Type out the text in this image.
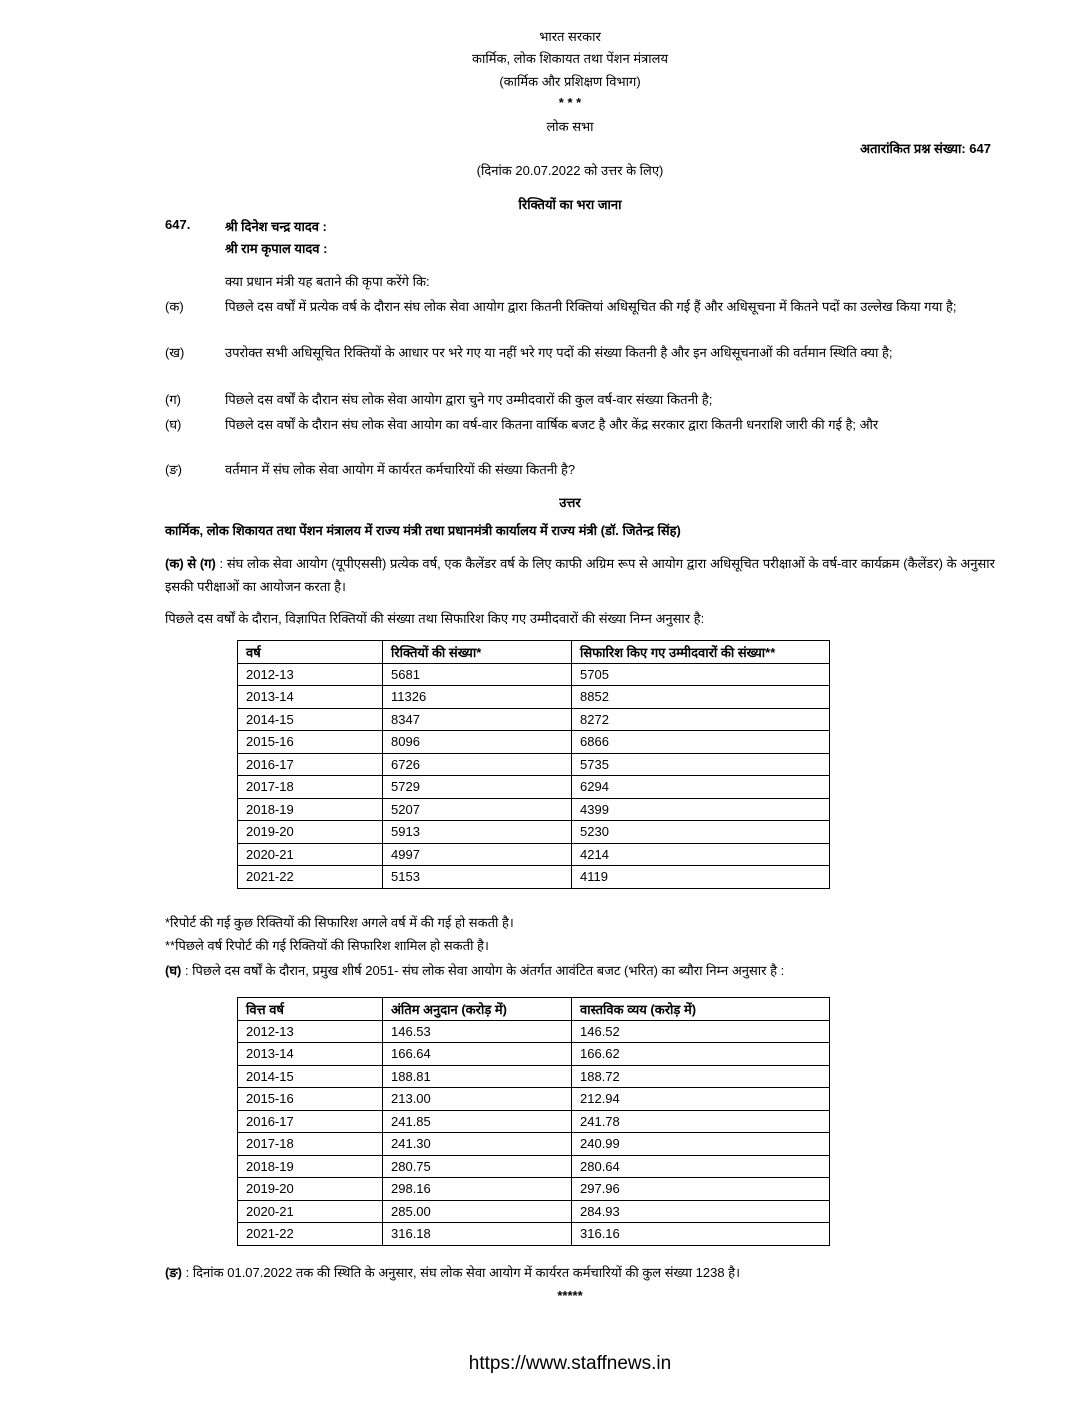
भारत सरकार
कार्मिक, लोक शिकायत तथा पेंशन मंत्रालय
(कार्मिक और प्रशिक्षण विभाग)
* * *
लोक सभा
अतारांकित प्रश्न संख्या: 647
(दिनांक 20.07.2022 को उत्तर के लिए)
रिक्तियों का भरा जाना
647.	श्री दिनेश चन्द्र यादव :
श्री राम कृपाल यादव :
क्या प्रधान मंत्री यह बताने की कृपा करेंगे कि:
(क)	पिछले दस वर्षों में प्रत्येक वर्ष के दौरान संघ लोक सेवा आयोग द्वारा कितनी रिक्तियां अधिसूचित की गई हैं और अधिसूचना में कितने पदों का उल्लेख किया गया है;
(ख)	उपरोक्त सभी अधिसूचित रिक्तियों के आधार पर भरे गए या नहीं भरे गए पदों की संख्या कितनी है और इन अधिसूचनाओं की वर्तमान स्थिति क्या है;
(ग)	पिछले दस वर्षों के दौरान संघ लोक सेवा आयोग द्वारा चुने गए उम्मीदवारों की कुल वर्ष-वार संख्या कितनी है;
(घ)	पिछले दस वर्षों के दौरान संघ लोक सेवा आयोग का वर्ष-वार कितना वार्षिक बजट है और केंद्र सरकार द्वारा कितनी धनराशि जारी की गई है; और
(ङ)	वर्तमान में संघ लोक सेवा आयोग में कार्यरत कर्मचारियों की संख्या कितनी है?
उत्तर
कार्मिक, लोक शिकायत तथा पेंशन मंत्रालय में राज्य मंत्री तथा प्रधानमंत्री कार्यालय में राज्य मंत्री (डॉ. जितेन्द्र सिंह)
(क) से (ग) : संघ लोक सेवा आयोग (यूपीएससी) प्रत्येक वर्ष, एक कैलेंडर वर्ष के लिए काफी अग्रिम रूप से आयोग द्वारा अधिसूचित परीक्षाओं के वर्ष-वार कार्यक्रम (कैलेंडर) के अनुसार इसकी परीक्षाओं का आयोजन करता है।
पिछले दस वर्षों के दौरान, विज्ञापित रिक्तियों की संख्या तथा सिफारिश किए गए उम्मीदवारों की संख्या निम्न अनुसार है:
वर्ष	रिक्तियों की संख्या*	सिफारिश किए गए उम्मीदवारों की संख्या**
2012-13	5681	5705
2013-14	11326	8852
2014-15	8347	8272
2015-16	8096	6866
2016-17	6726	5735
2017-18	5729	6294
2018-19	5207	4399
2019-20	5913	5230
2020-21	4997	4214
2021-22	5153	4119
*रिपोर्ट की गई कुछ रिक्तियों की सिफारिश अगले वर्ष में की गई हो सकती है।
**पिछले वर्ष रिपोर्ट की गई रिक्तियों की सिफारिश शामिल हो सकती है।
(घ) : पिछले दस वर्षों के दौरान, प्रमुख शीर्ष 2051- संघ लोक सेवा आयोग के अंतर्गत आवंटित बजट (भरित) का ब्यौरा निम्न अनुसार है :
वित्त वर्ष	अंतिम अनुदान (करोड़ में)	वास्तविक व्यय (करोड़ में)
2012-13	146.53	146.52
2013-14	166.64	166.62
2014-15	188.81	188.72
2015-16	213.00	212.94
2016-17	241.85	241.78
2017-18	241.30	240.99
2018-19	280.75	280.64
2019-20	298.16	297.96
2020-21	285.00	284.93
2021-22	316.18	316.16
(ङ) : दिनांक 01.07.2022 तक की स्थिति के अनुसार, संघ लोक सेवा आयोग में कार्यरत कर्मचारियों की कुल संख्या 1238 है।
*****
https://www.staffnews.in
